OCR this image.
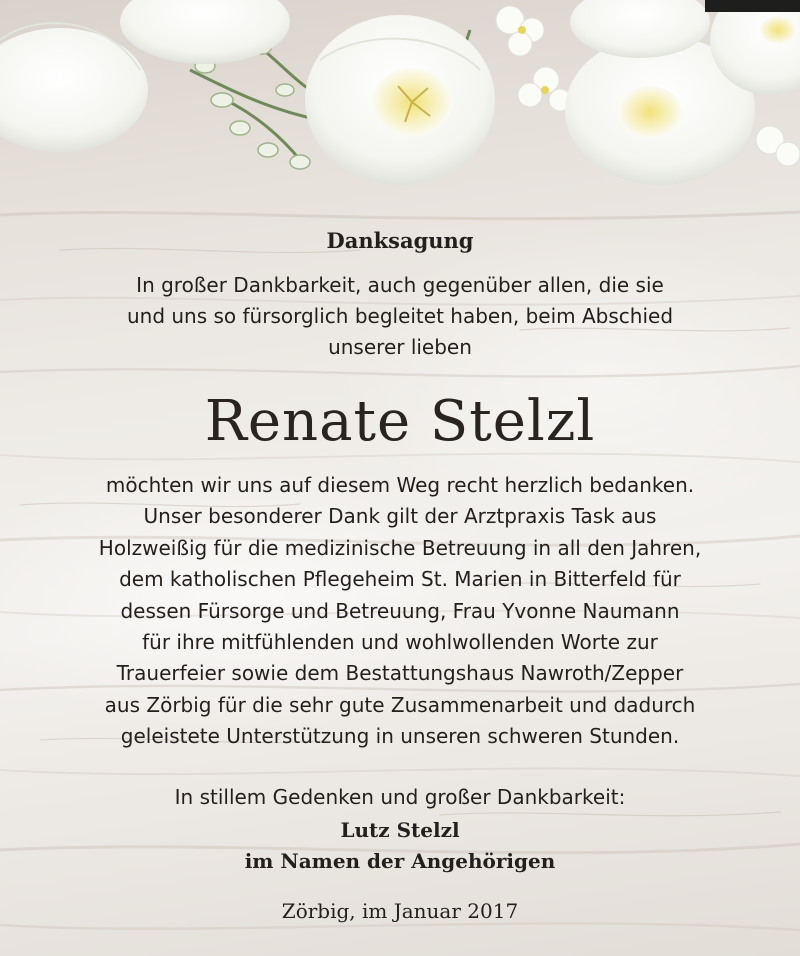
Danksagung
In großer Dankbarkeit, auch gegenüber allen, die sie
und uns so fürsorglich begleitet haben, beim Abschied
unserer lieben
Renate Stelzl
möchten wir uns auf diesem Weg recht herzlich bedanken.
Unser besonderer Dank gilt der Arztpraxis Task aus
Holzweißig für die medizinische Betreuung in all den Jahren,
dem katholischen Pflegeheim St. Marien in Bitterfeld für
dessen Fürsorge und Betreuung, Frau Yvonne Naumann
für ihre mitfühlenden und wohlwollenden Worte zur
Trauerfeier sowie dem Bestattungshaus Nawroth/Zepper
aus Zörbig für die sehr gute Zusammenarbeit und dadurch
geleistete Unterstützung in unseren schweren Stunden.
In stillem Gedenken und großer Dankbarkeit:
Lutz Stelzl
im Namen der Angehörigen
Zörbig, im Januar 2017
